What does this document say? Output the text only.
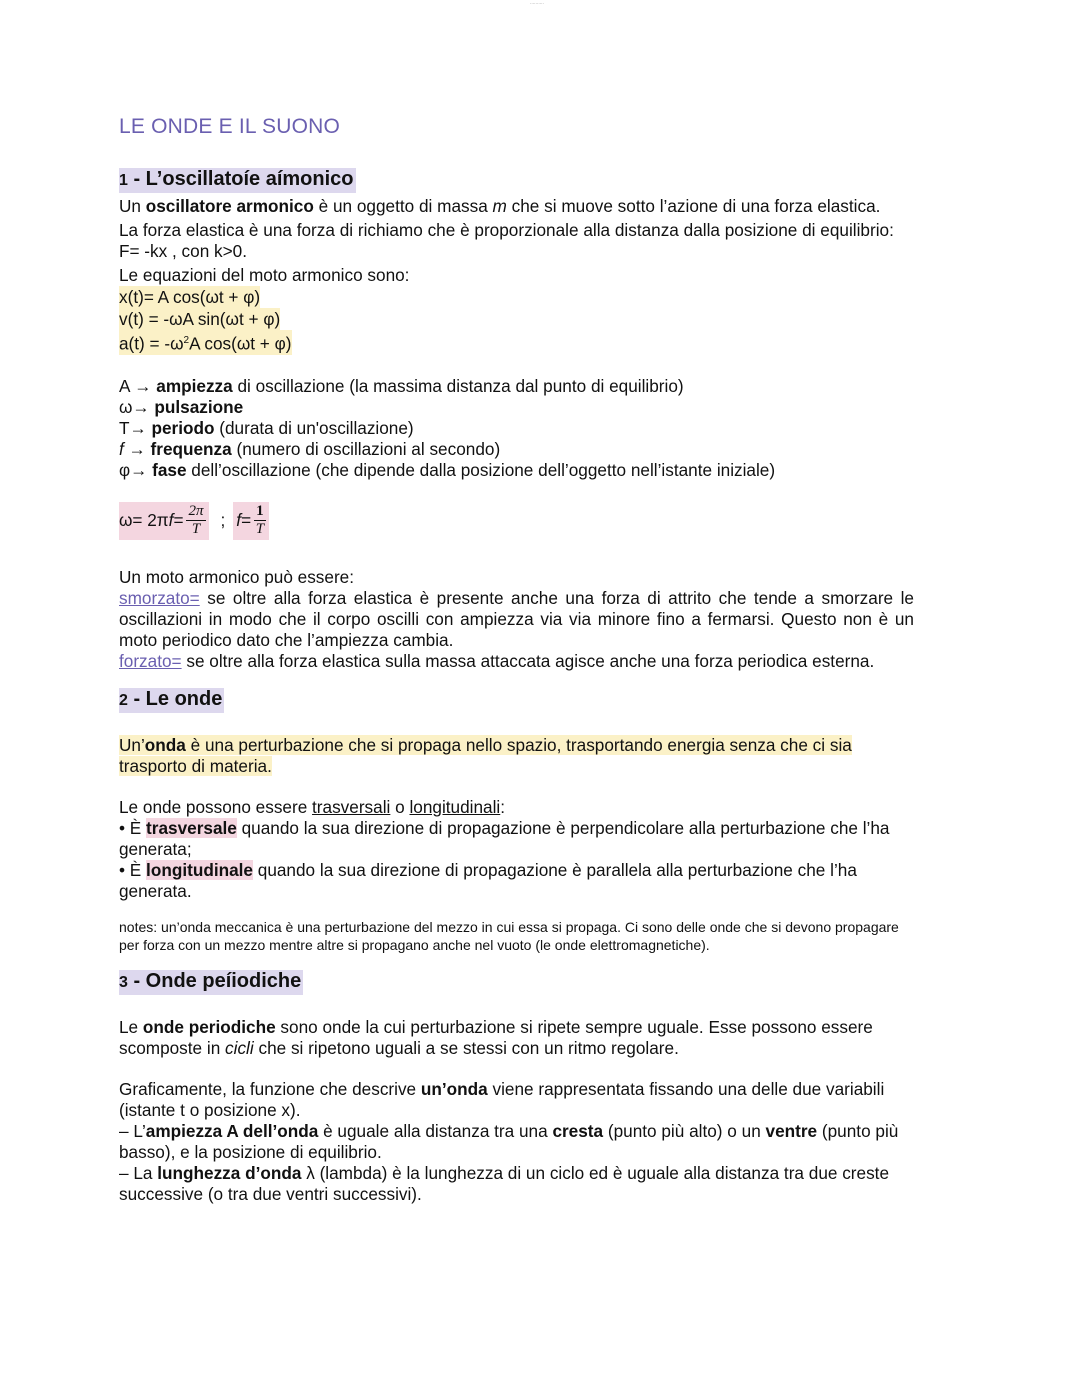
..........
LE ONDE E IL SUONO
1 - L’oscillatoíe aímonico

Un oscillatore armonico è un oggetto di massa m che si muove sotto l’azione di una forza elastica.

La forza elastica è una forza di richiamo che è proporzionale alla distanza dalla posizione di equilibrio: F= -kx , con k>0.

Le equazioni del moto armonico sono:

x(t)= A cos(ωt + φ)
v(t) = -ωA sin(ωt + φ)
$a(t) = -\omega^2A$ cos(ωt + φ)
A → ampiezza di oscillazione (la massima distanza dal punto di equilibrio)
ω→ pulsazione
T→ periodo (durata di un'oscillazione)
f → frequenza (numero di oscillazioni al secondo)
φ→ fase dell’oscillazione (che dipende dalla posizione dell’oggetto nell’istante iniziale)
ω= 2π $f = \frac{2\pi}{T}$ ; $f = \frac{1}{T}$

Un moto armonico può essere:

smorzato= se oltre alla forza elastica è presente anche una forza di attrito che tende a smorzare le oscillazioni in modo che il corpo oscilli con ampiezza via via minore fino a fermarsi. Questo non è un moto periodico dato che l’ampiezza cambia.

forzato= se oltre alla forza elastica sulla massa attaccata agisce anche una forza periodica esterna.

2 - Le onde

Un’onda è una perturbazione che si propaga nello spazio, trasportando energia senza che ci sia trasporto di materia.

Le onde possono essere trasversali o longitudinali:

• È trasversale quando la sua direzione di propagazione è perpendicolare alla perturbazione che l’ha generata;

• È longitudinale quando la sua direzione di propagazione è parallela alla perturbazione che l’ha generata.

notes: un’onda meccanica è una perturbazione del mezzo in cui essa si propaga. Ci sono delle onde che si devono propagare per forza con un mezzo mentre altre si propagano anche nel vuoto (le onde elettromagnetiche).

3 - Onde peíiodiche

Le onde periodiche sono onde la cui perturbazione si ripete sempre uguale. Esse possono essere scomposte in cicli che si ripetono uguali a se stessi con un ritmo regolare.

Graficamente, la funzione che descrive un’onda viene rappresentata fissando una delle due variabili (istante t o posizione x).

– L’ampiezza A dell’onda è uguale alla distanza tra una cresta (punto più alto) o un ventre (punto più basso), e la posizione di equilibrio.

– La lunghezza d’onda λ (lambda) è la lunghezza di un ciclo ed è uguale alla distanza tra due creste successive (o tra due ventri successivi).
